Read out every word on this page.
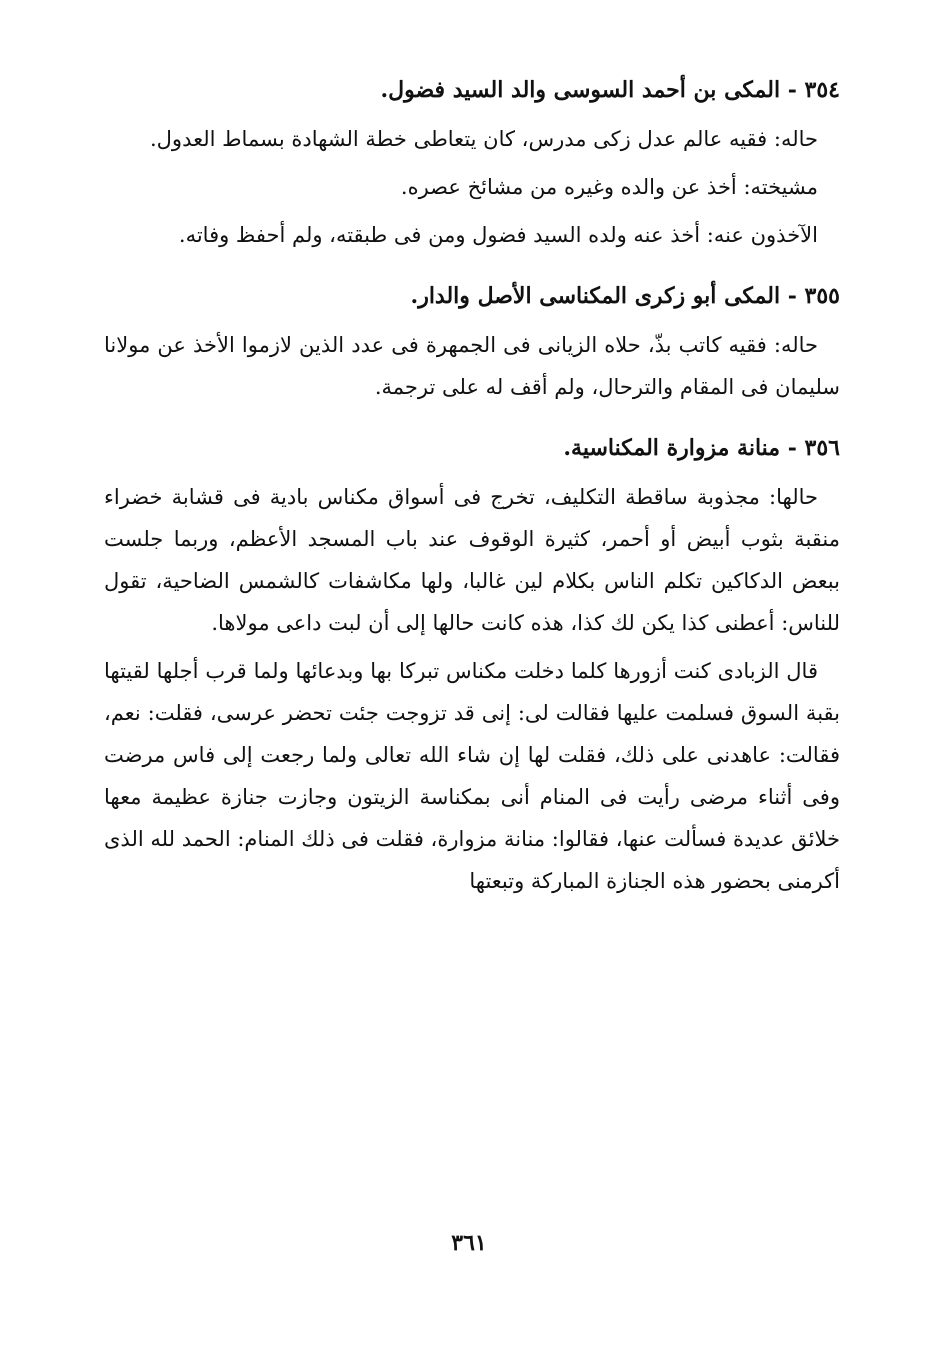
٣٥٤ - المكى بن أحمد السوسى والد السيد فضول.

حاله: فقيه عالم عدل زكى مدرس، كان يتعاطى خطة الشهادة بسماط العدول.

مشيخته: أخذ عن والده وغيره من مشائخ عصره.

الآخذون عنه: أخذ عنه ولده السيد فضول ومن فى طبقته، ولم أحفظ وفاته.

٣٥٥ - المكى أبو زكرى المكناسى الأصل والدار.

حاله: فقيه كاتب بذّ، حلاه الزيانى فى الجمهرة فى عدد الذين لازموا الأخذ عن مولانا سليمان فى المقام والترحال، ولم أقف له على ترجمة.

٣٥٦ - منانة مزوارة المكناسية.

حالها: مجذوبة ساقطة التكليف، تخرج فى أسواق مكناس بادية فى قشابة خضراء منقبة بثوب أبيض أو أحمر، كثيرة الوقوف عند باب المسجد الأعظم، وربما جلست ببعض الدكاكين تكلم الناس بكلام لين غالبا، ولها مكاشفات كالشمس الضاحية، تقول للناس: أعطنى كذا يكن لك كذا، هذه كانت حالها إلى أن لبت داعى مولاها.

قال الزبادى كنت أزورها كلما دخلت مكناس تبركا بها وبدعائها ولما قرب أجلها لقيتها بقبة السوق فسلمت عليها فقالت لى: إنى قد تزوجت جئت تحضر عرسى، فقلت: نعم، فقالت: عاهدنى على ذلك، فقلت لها إن شاء الله تعالى ولما رجعت إلى فاس مرضت وفى أثناء مرضى رأيت فى المنام أنى بمكناسة الزيتون وجازت جنازة عظيمة معها خلائق عديدة فسألت عنها، فقالوا: منانة مزوارة، فقلت فى ذلك المنام: الحمد لله الذى أكرمنى بحضور هذه الجنازة المباركة وتبعتها

٣٦١
